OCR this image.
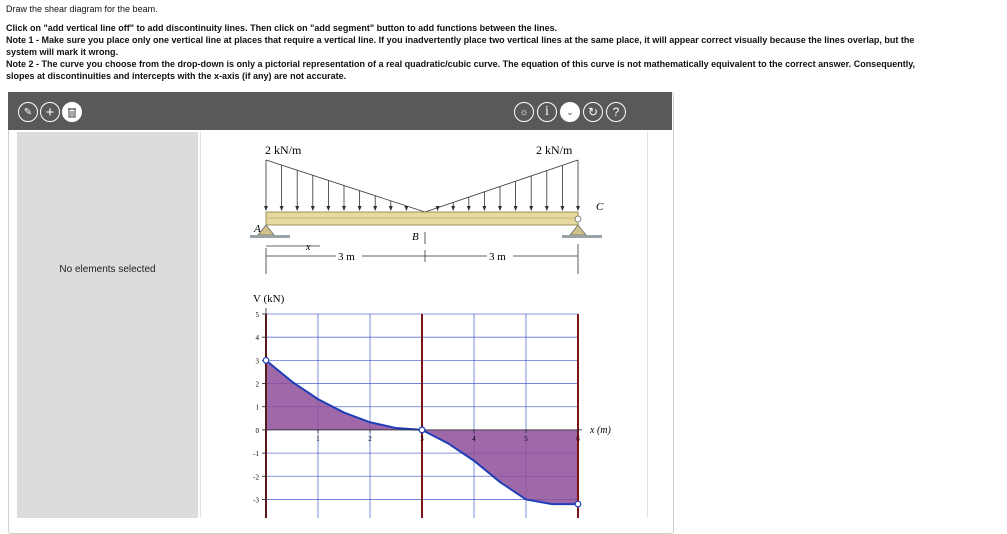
Draw the shear diagram for the beam.
Click on "add vertical line off" to add discontinuity lines. Then click on "add segment" button to add functions between the lines.
Note 1 - Make sure you place only one vertical line at places that require a vertical line. If you inadvertently place two vertical lines at the same place, it will appear correct visually because the lines overlap, but the
system will mark it wrong.
Note 2 - The curve you choose from the drop-down is only a pictorial representation of a real quadratic/cubic curve. The equation of this curve is not mathematically equivalent to the correct answer. Consequently,
slopes at discontinuities and intercepts with the x-axis (if any) are not accurate.
✎ +	☼ i ⌄ ↻ ?
No elements selected
2 kN/m	2 kN/m
A
C
B
x
3 m	3 m
V (kN)
x (m)
5
4
3
2
1
0
-1
-2
-3
1	2	3	4	5	6
